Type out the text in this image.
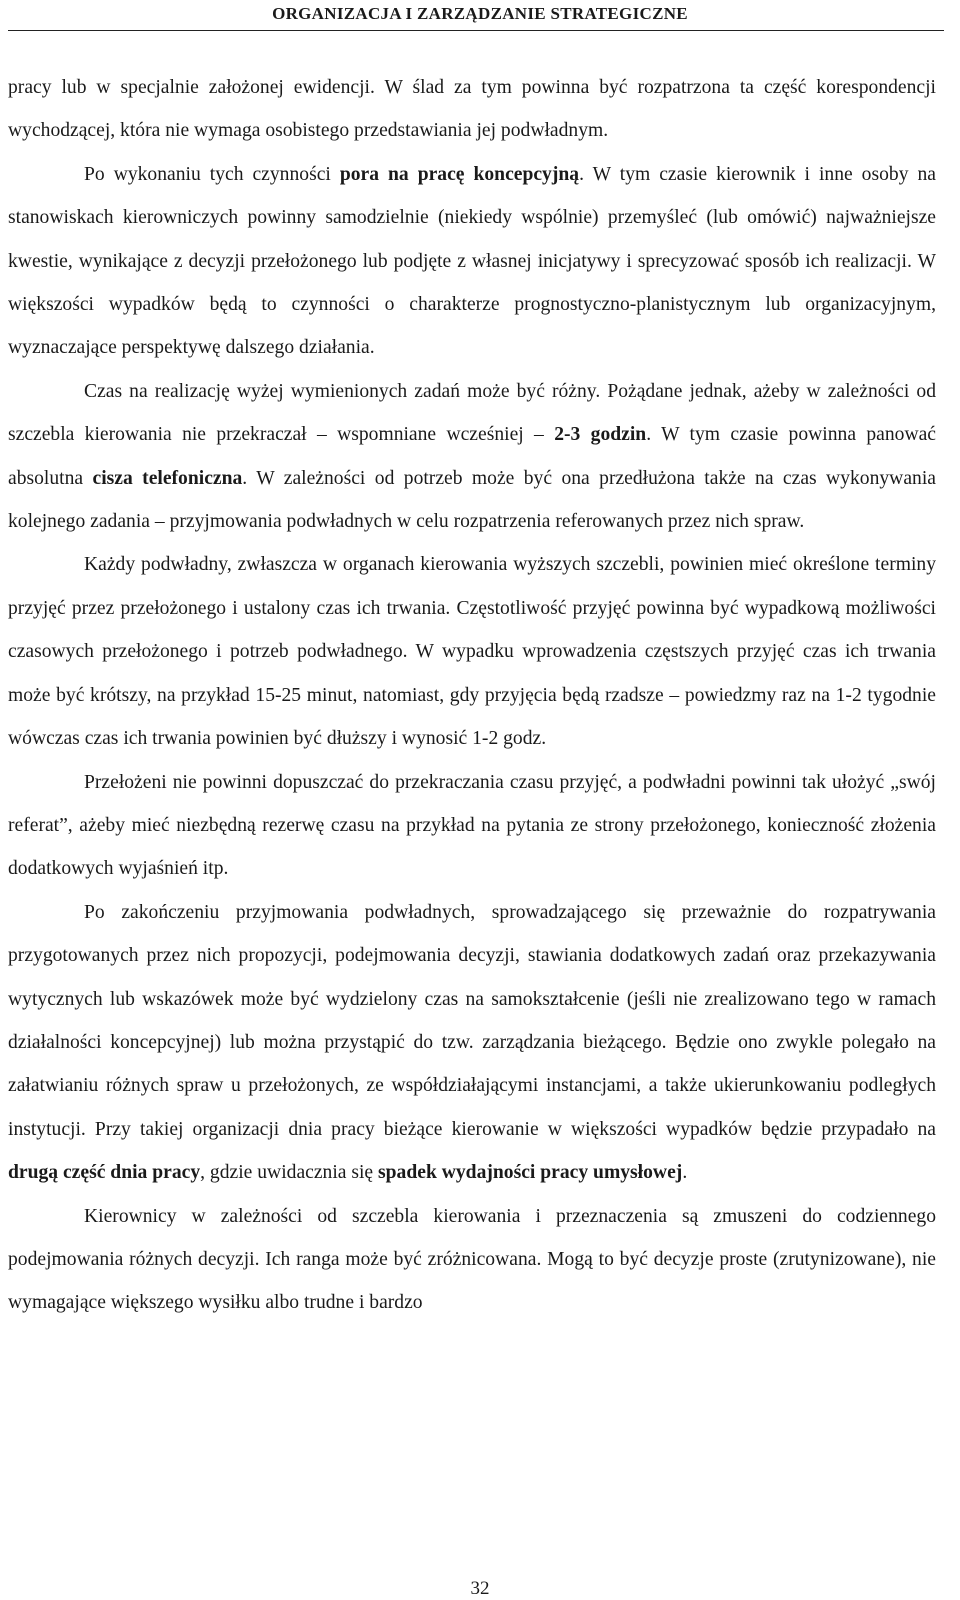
ORGANIZACJA I ZARZĄDZANIE STRATEGICZNE

pracy lub w specjalnie założonej ewidencji. W ślad za tym powinna być rozpatrzona ta część korespondencji wychodzącej, która nie wymaga osobistego przedstawiania jej podwładnym.

Po wykonaniu tych czynności pora na pracę koncepcyjną. W tym czasie kierownik i inne osoby na stanowiskach kierowniczych powinny samodzielnie (niekiedy wspólnie) przemyśleć (lub omówić) najważniejsze kwestie, wynikające z decyzji przełożonego lub podjęte z własnej inicjatywy i sprecyzować sposób ich realizacji. W większości wypadków będą to czynności o charakterze prognostyczno-planistycznym lub organizacyjnym, wyznaczające perspektywę dalszego działania.

Czas na realizację wyżej wymienionych zadań może być różny. Pożądane jednak, ażeby w zależności od szczebla kierowania nie przekraczał – wspomniane wcześniej – 2-3 godzin. W tym czasie powinna panować absolutna cisza telefoniczna. W zależności od potrzeb może być ona przedłużona także na czas wykonywania kolejnego zadania – przyjmowania podwładnych w celu rozpatrzenia referowanych przez nich spraw.

Każdy podwładny, zwłaszcza w organach kierowania wyższych szczebli, powinien mieć określone terminy przyjęć przez przełożonego i ustalony czas ich trwania. Częstotliwość przyjęć powinna być wypadkową możliwości czasowych przełożonego i potrzeb podwładnego. W wypadku wprowadzenia częstszych przyjęć czas ich trwania może być krótszy, na przykład 15-25 minut, natomiast, gdy przyjęcia będą rzadsze – powiedzmy raz na 1-2 tygodnie wówczas czas ich trwania powinien być dłuższy i wynosić 1-2 godz.

Przełożeni nie powinni dopuszczać do przekraczania czasu przyjęć, a podwładni powinni tak ułożyć „swój referat”, ażeby mieć niezbędną rezerwę czasu na przykład na pytania ze strony przełożonego, konieczność złożenia dodatkowych wyjaśnień itp.

Po zakończeniu przyjmowania podwładnych, sprowadzającego się przeważnie do rozpatrywania przygotowanych przez nich propozycji, podejmowania decyzji, stawiania dodatkowych zadań oraz przekazywania wytycznych lub wskazówek może być wydzielony czas na samokształcenie (jeśli nie zrealizowano tego w ramach działalności koncepcyjnej) lub można przystąpić do tzw. zarządzania bieżącego. Będzie ono zwykle polegało na załatwianiu różnych spraw u przełożonych, ze współdziałającymi instancjami, a także ukierunkowaniu podległych instytucji. Przy takiej organizacji dnia pracy bieżące kierowanie w większości wypadków będzie przypadało na drugą część dnia pracy, gdzie uwidacznia się spadek wydajności pracy umysłowej.

Kierownicy w zależności od szczebla kierowania i przeznaczenia są zmuszeni do codziennego podejmowania różnych decyzji. Ich ranga może być zróżnicowana. Mogą to być decyzje proste (zrutynizowane), nie wymagające większego wysiłku albo trudne i bardzo

32
